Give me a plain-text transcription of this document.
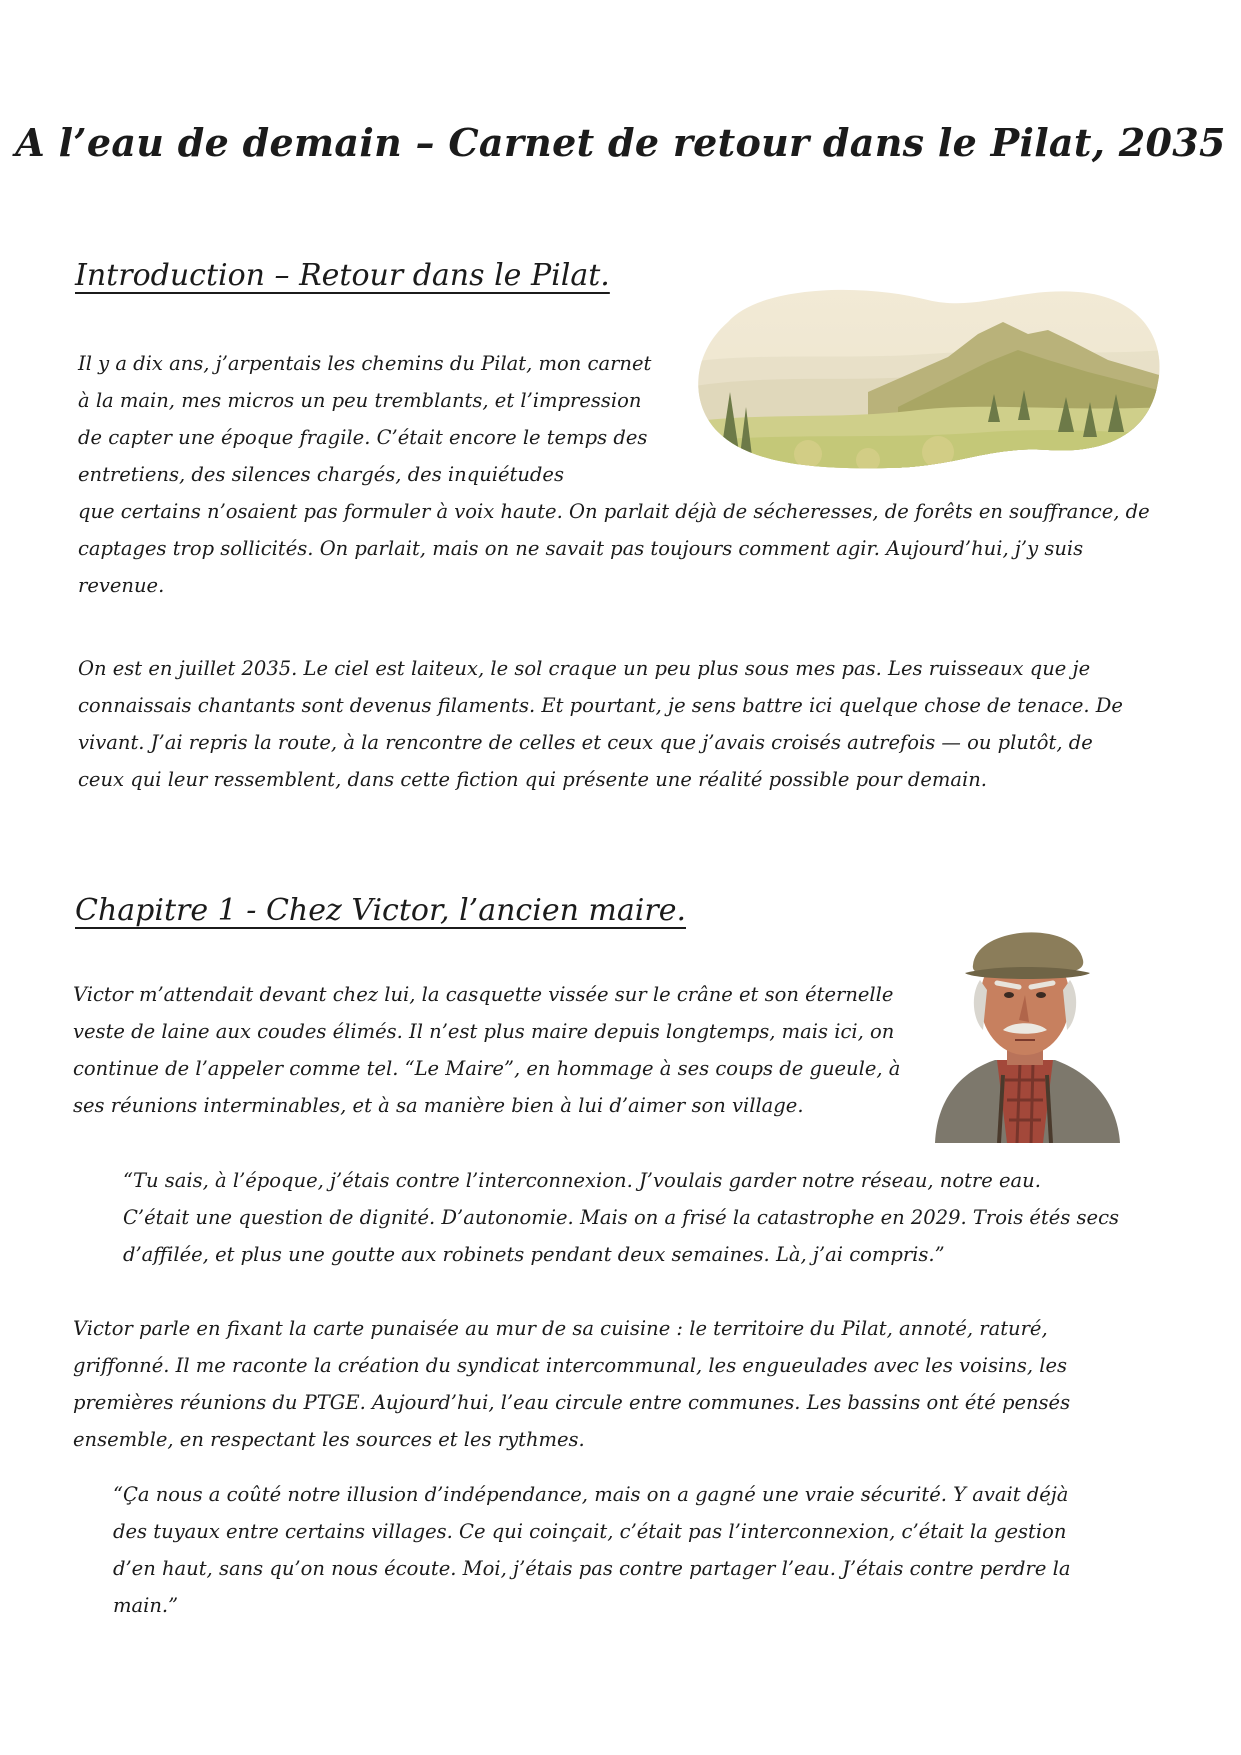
A l’eau de demain – Carnet de retour dans le Pilat, 2035
Introduction – Retour dans le Pilat.

Il y a dix ans, j’arpentais les chemins du Pilat, mon carnet
à la main, mes micros un peu tremblants, et l’impression
de capter une époque fragile. C’était encore le temps des
entretiens, des silences chargés, des inquiétudes
que certains n’osaient pas formuler à voix haute. On parlait déjà de sécheresses, de forêts en souffrance, de
captages trop sollicités. On parlait, mais on ne savait pas toujours comment agir. Aujourd’hui, j’y suis
revenue.

On est en juillet 2035. Le ciel est laiteux, le sol craque un peu plus sous mes pas. Les ruisseaux que je
connaissais chantants sont devenus filaments. Et pourtant, je sens battre ici quelque chose de tenace. De
vivant. J’ai repris la route, à la rencontre de celles et ceux que j’avais croisés autrefois — ou plutôt, de
ceux qui leur ressemblent, dans cette fiction qui présente une réalité possible pour demain.

Chapitre 1 - Chez Victor, l’ancien maire.

Victor m’attendait devant chez lui, la casquette vissée sur le crâne et son éternelle
veste de laine aux coudes élimés. Il n’est plus maire depuis longtemps, mais ici, on
continue de l’appeler comme tel. “Le Maire”, en hommage à ses coups de gueule, à
ses réunions interminables, et à sa manière bien à lui d’aimer son village.

“Tu sais, à l’époque, j’étais contre l’interconnexion. J’voulais garder notre réseau, notre eau.
C’était une question de dignité. D’autonomie. Mais on a frisé la catastrophe en 2029. Trois étés secs
d’affilée, et plus une goutte aux robinets pendant deux semaines. Là, j’ai compris.”

Victor parle en fixant la carte punaisée au mur de sa cuisine : le territoire du Pilat, annoté, raturé,
griffonné. Il me raconte la création du syndicat intercommunal, les engueulades avec les voisins, les
premières réunions du PTGE. Aujourd’hui, l’eau circule entre communes. Les bassins ont été pensés
ensemble, en respectant les sources et les rythmes.

“Ça nous a coûté notre illusion d’indépendance, mais on a gagné une vraie sécurité. Y avait déjà
des tuyaux entre certains villages. Ce qui coinçait, c’était pas l’interconnexion, c’était la gestion
d’en haut, sans qu’on nous écoute. Moi, j’étais pas contre partager l’eau. J’étais contre perdre la
main.”
